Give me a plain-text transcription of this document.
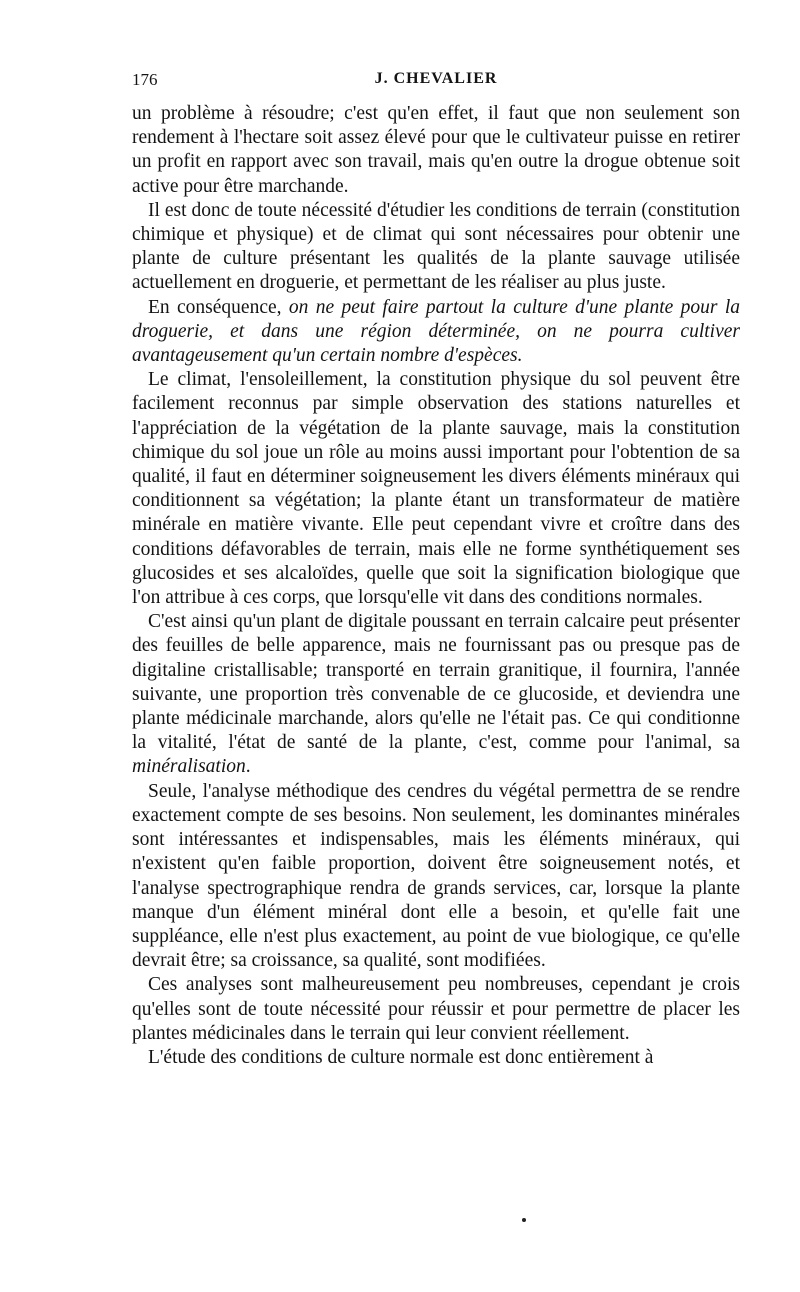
176	J. CHEVALIER

un problème à résoudre; c'est qu'en effet, il faut que non seulement son rendement à l'hectare soit assez élevé pour que le cultivateur puisse en retirer un profit en rapport avec son travail, mais qu'en outre la drogue obtenue soit active pour être marchande.

Il est donc de toute nécessité d'étudier les conditions de terrain (constitution chimique et physique) et de climat qui sont nécessaires pour obtenir une plante de culture présentant les qualités de la plante sauvage utilisée actuellement en droguerie, et permettant de les réaliser au plus juste.

En conséquence, on ne peut faire partout la culture d'une plante pour la droguerie, et dans une région déterminée, on ne pourra cultiver avantageusement qu'un certain nombre d'espèces.

Le climat, l'ensoleillement, la constitution physique du sol peuvent être facilement reconnus par simple observation des stations naturelles et l'appréciation de la végétation de la plante sauvage, mais la constitution chimique du sol joue un rôle au moins aussi important pour l'obtention de sa qualité, il faut en déterminer soigneusement les divers éléments minéraux qui conditionnent sa végétation; la plante étant un transformateur de matière minérale en matière vivante. Elle peut cependant vivre et croître dans des conditions défavorables de terrain, mais elle ne forme synthétiquement ses glucosides et ses alcaloïdes, quelle que soit la signification biologique que l'on attribue à ces corps, que lorsqu'elle vit dans des conditions normales.

C'est ainsi qu'un plant de digitale poussant en terrain calcaire peut présenter des feuilles de belle apparence, mais ne fournissant pas ou presque pas de digitaline cristallisable; transporté en terrain granitique, il fournira, l'année suivante, une proportion très convenable de ce glucoside, et deviendra une plante médicinale marchande, alors qu'elle ne l'était pas. Ce qui conditionne la vitalité, l'état de santé de la plante, c'est, comme pour l'animal, sa minéralisation.

Seule, l'analyse méthodique des cendres du végétal permettra de se rendre exactement compte de ses besoins. Non seulement, les dominantes minérales sont intéressantes et indispensables, mais les éléments minéraux, qui n'existent qu'en faible proportion, doivent être soigneusement notés, et l'analyse spectrographique rendra de grands services, car, lorsque la plante manque d'un élément minéral dont elle a besoin, et qu'elle fait une suppléance, elle n'est plus exactement, au point de vue biologique, ce qu'elle devrait être; sa croissance, sa qualité, sont modifiées.

Ces analyses sont malheureusement peu nombreuses, cependant je crois qu'elles sont de toute nécessité pour réussir et pour permettre de placer les plantes médicinales dans le terrain qui leur convient réellement.

L'étude des conditions de culture normale est donc entièrement à
